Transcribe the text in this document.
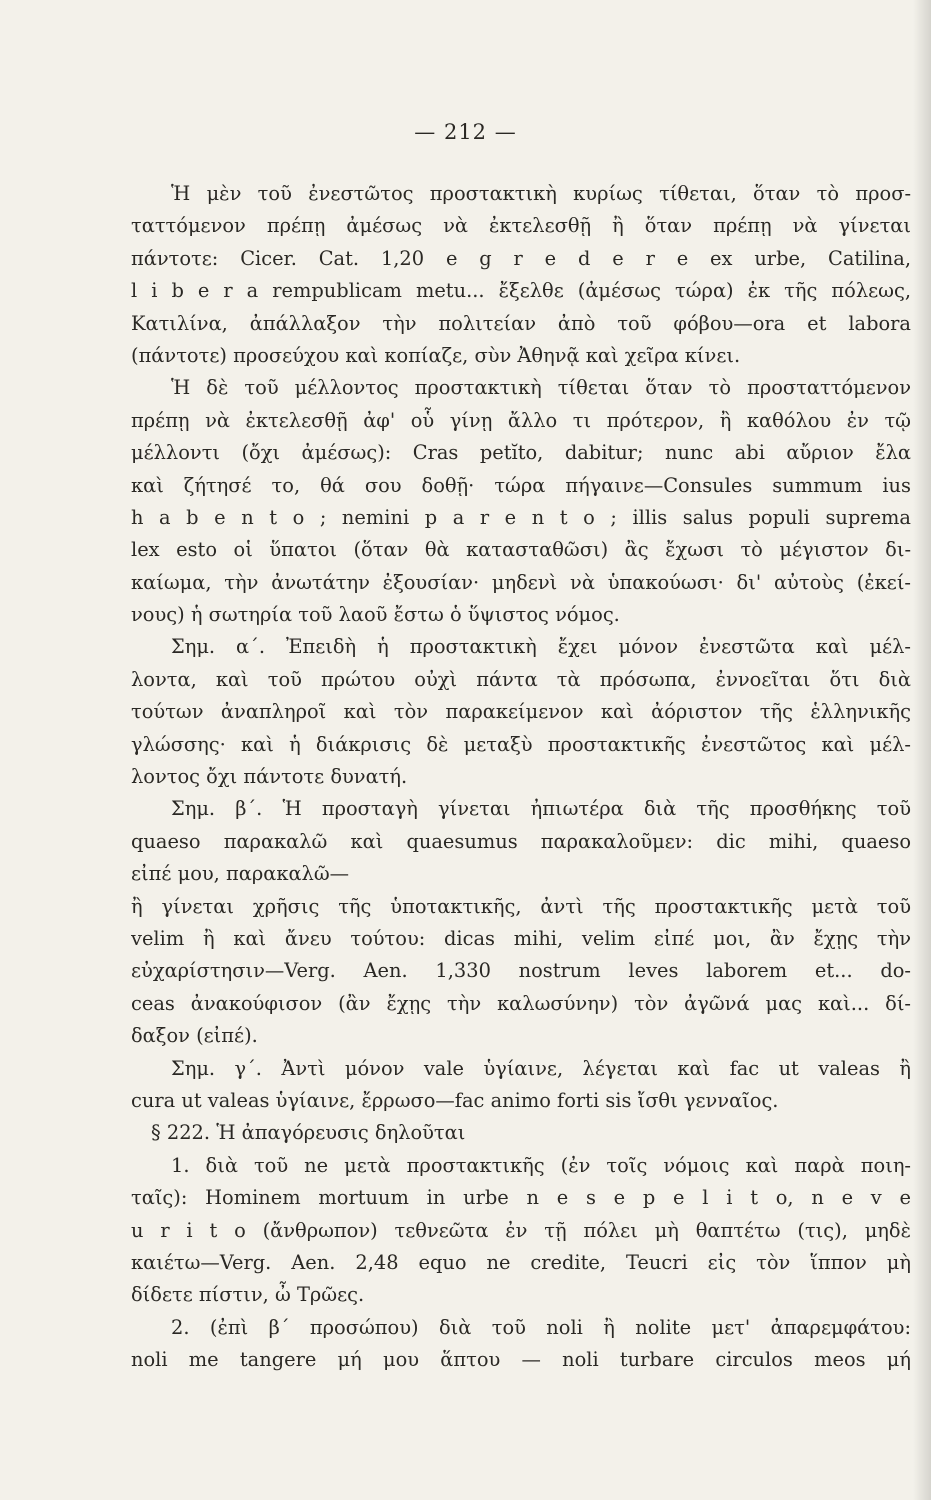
— 212 —
Ἡ μὲν τοῦ ἐνεστῶτος προστακτικὴ κυρίως τίθεται, ὅταν τὸ προσ-
ταττόμενον πρέπῃ ἀμέσως νὰ ἐκτελεσθῇ ἢ ὅταν πρέπῃ νὰ γίνεται
πάντοτε: Cicer. Cat. 1,20 e g r e d e r e ex urbe, Catilina,
l i b e r a rempublicam metu... ἔξελθε (ἀμέσως τώρα) ἐκ τῆς πόλεως,
Κατιλίνα, ἀπάλλαξον τὴν πολιτείαν ἀπὸ τοῦ φόβου—ora et labora
(πάντοτε) προσεύχου καὶ κοπίαζε, σὺν Ἀθηνᾷ καὶ χεῖρα κίνει.
Ἡ δὲ τοῦ μέλλοντος προστακτικὴ τίθεται ὅταν τὸ προσταττόμενον
πρέπῃ νὰ ἐκτελεσθῇ ἀφ' οὗ γίνῃ ἄλλο τι πρότερον, ἢ καθόλου ἐν τῷ
μέλλοντι (ὄχι ἀμέσως): Cras petĭto, dabitur; nunc abi αὔριον ἔλα
καὶ ζήτησέ το, θά σου δοθῇ· τώρα πήγαινε—Consules summum ius
h a b e n t o ; nemini p a r e n t o ; illis salus populi suprema
lex esto οἱ ὕπατοι (ὅταν θὰ κατασταθῶσι) ἂς ἔχωσι τὸ μέγιστον δι-
καίωμα, τὴν ἀνωτάτην ἐξουσίαν· μηδενὶ νὰ ὑπακούωσι· δι' αὐτοὺς (ἐκεί-
νους) ἡ σωτηρία τοῦ λαοῦ ἔστω ὁ ὕψιστος νόμος.
Σημ. α΄. Ἐπειδὴ ἡ προστακτικὴ ἔχει μόνον ἐνεστῶτα καὶ μέλ-
λοντα, καὶ τοῦ πρώτου οὐχὶ πάντα τὰ πρόσωπα, ἐννοεῖται ὅτι διὰ
τούτων ἀναπληροῖ καὶ τὸν παρακείμενον καὶ ἀόριστον τῆς ἑλληνικῆς
γλώσσης· καὶ ἡ διάκρισις δὲ μεταξὺ προστακτικῆς ἐνεστῶτος καὶ μέλ-
λοντος ὄχι πάντοτε δυνατή.
Σημ. β΄. Ἡ προσταγὴ γίνεται ἠπιωτέρα διὰ τῆς προσθήκης τοῦ
quaeso παρακαλῶ καὶ quaesumus παρακαλοῦμεν: dic mihi, quaeso
εἰπέ μου, παρακαλῶ—
ἢ γίνεται χρῆσις τῆς ὑποτακτικῆς, ἀντὶ τῆς προστακτικῆς μετὰ τοῦ
velim ἢ καὶ ἄνευ τούτου: dicas mihi, velim εἰπέ μοι, ἂν ἔχῃς τὴν
εὐχαρίστησιν—Verg. Aen. 1,330 nostrum leves laborem et... do-
ceas ἀνακούφισον (ἂν ἔχῃς τὴν καλωσύνην) τὸν ἀγῶνά μας καὶ... δί-
δαξον (εἰπέ).
Σημ. γ΄. Ἀντὶ μόνον vale ὑγίαινε, λέγεται καὶ fac ut valeas ἢ
cura ut valeas ὑγίαινε, ἔρρωσο—fac animo forti sis ἴσθι γενναῖος.
§ 222. Ἡ ἀπαγόρευσις δηλοῦται
1. διὰ τοῦ ne μετὰ προστακτικῆς (ἐν τοῖς νόμοις καὶ παρὰ ποιη-
ταῖς): Hominem mortuum in urbe n e s e p e l i t o, n e v e
u r i t o (ἄνθρωπον) τεθνεῶτα ἐν τῇ πόλει μὴ θαπτέτω (τις), μηδὲ
καιέτω—Verg. Aen. 2,48 equo ne credite, Teucri εἰς τὸν ἵππον μὴ
δίδετε πίστιν, ὦ Τρῶες.
2. (ἐπὶ β΄ προσώπου) διὰ τοῦ noli ἢ nolite μετ' ἀπαρεμφάτου:
noli me tangere μή μου ἅπτου — noli turbare circulos meos μή
